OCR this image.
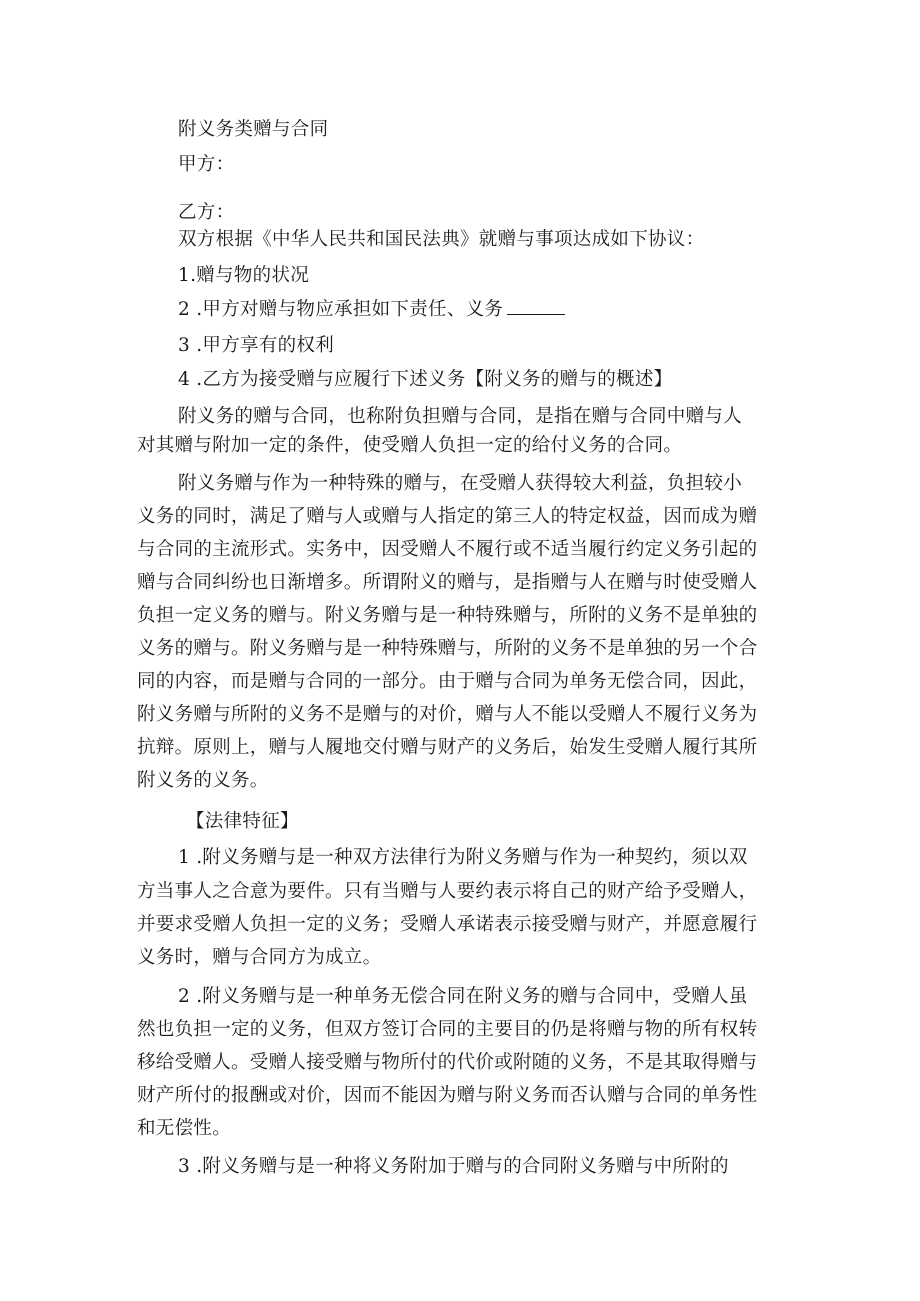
附义务类赠与合同
甲方：
乙方：
双方根据《中华人民共和国民法典》就赠与事项达成如下协议：
1.赠与物的状况
2 .甲方对赠与物应承担如下责任、义务
3 .甲方享有的权利
4 .乙方为接受赠与应履行下述义务【附义务的赠与的概述】
附义务的赠与合同，也称附负担赠与合同，是指在赠与合同中赠与人
对其赠与附加一定的条件，使受赠人负担一定的给付义务的合同。
附义务赠与作为一种特殊的赠与，在受赠人获得较大利益，负担较小
义务的同时，满足了赠与人或赠与人指定的第三人的特定权益，因而成为赠
与合同的主流形式。实务中，因受赠人不履行或不适当履行约定义务引起的
赠与合同纠纷也日渐增多。所谓附义的赠与，是指赠与人在赠与时使受赠人
负担一定义务的赠与。附义务赠与是一种特殊赠与，所附的义务不是单独的
义务的赠与。附义务赠与是一种特殊赠与，所附的义务不是单独的另一个合
同的内容，而是赠与合同的一部分。由于赠与合同为单务无偿合同，因此，
附义务赠与所附的义务不是赠与的对价，赠与人不能以受赠人不履行义务为
抗辩。原则上，赠与人履地交付赠与财产的义务后，始发生受赠人履行其所
附义务的义务。
【法律特征】
1 .附义务赠与是一种双方法律行为附义务赠与作为一种契约，须以双
方当事人之合意为要件。只有当赠与人要约表示将自己的财产给予受赠人，
并要求受赠人负担一定的义务；受赠人承诺表示接受赠与财产，并愿意履行
义务时，赠与合同方为成立。
2 .附义务赠与是一种单务无偿合同在附义务的赠与合同中，受赠人虽
然也负担一定的义务，但双方签订合同的主要目的仍是将赠与物的所有权转
移给受赠人。受赠人接受赠与物所付的代价或附随的义务，不是其取得赠与
财产所付的报酬或对价，因而不能因为赠与附义务而否认赠与合同的单务性
和无偿性。
3 .附义务赠与是一种将义务附加于赠与的合同附义务赠与中所附的
